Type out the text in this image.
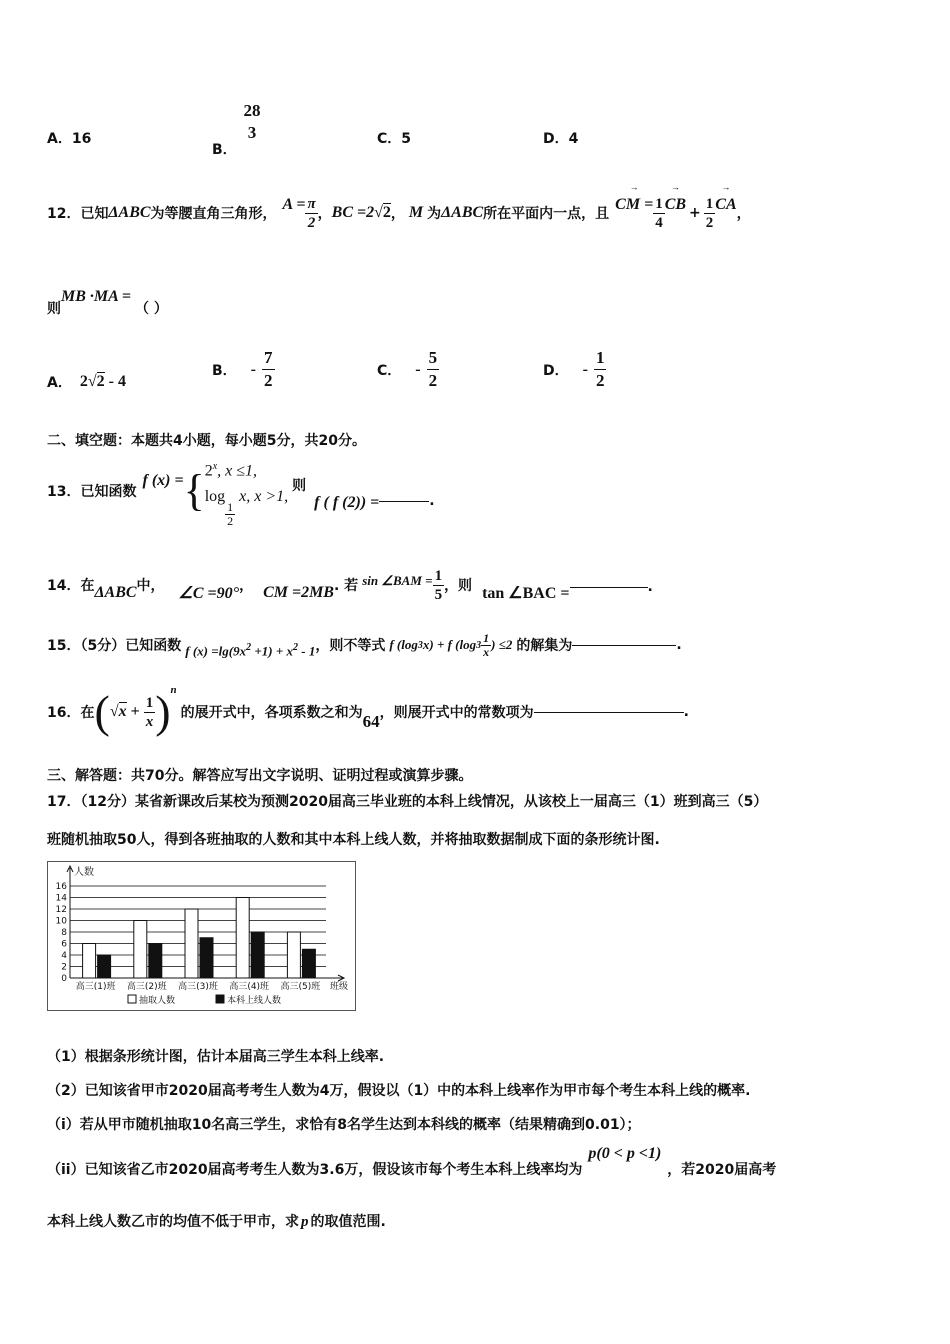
A．16
B．
28
3	C．5	D．4
12．已知 ΔABC 为等腰直角三角形，
$A = \frac{\pi}{2}$ ， BC =2√2 ， M 为 ΔABC 所在平面内一点，且
→ CM = $\frac{1}{4}$ → CB + $\frac{1}{2}$ → CA
，
则
MB ·MA =
（ ）
A． 2√2 - 4
B． - $\frac{7}{2}$	C． - $\frac{5}{2}$	D． - $\frac{1}{2}$
二、填空题：本题共4小题，每小题5分，共20分。
13．已知函数
f (x) = { 2$^x$, x ≤1,
log
$\frac{1}{2}$
x, x >1,
则
f ( f (2)) =	.
14．在 ΔABC 中， ∠C =90° ， CM =2MB . 若 sin ∠BAM = $\frac{1}{5}$ ，则 tan ∠BAC =	.
15．（5分）已知函数 f $(x) =\lg(9x^2 +1) + x^2 - 1$ ，则不等式 f (log 3 x) + f (log $3 \frac{1}{x}$ ) ≤2 的解集为	.
16．在 ( $√x + \frac{1}{x}$ ) n
的展开式中，各项系数之和为 64 ，则展开式中的常数项为	.
三、解答题：共70分。解答应写出文字说明、证明过程或演算步骤。
17．（12分）某省新课改后某校为预测2020届高三毕业班的本科上线情况，从该校上一届高三（1）班到高三（5）
班随机抽取50人，得到各班抽取的人数和其中本科上线人数，并将抽取数据制成下面的条形统计图.
0
2
4
6
8
10
12
14
16
人数
高三(1)班 高三(2)班 高三(3)班 高三(4)班 高三(5)班 班级
抽取人数	本科上线人数
（1）根据条形统计图，估计本届高三学生本科上线率.
（2）已知该省甲市2020届高考考生人数为4万，假设以（1）中的本科上线率作为甲市每个考生本科上线的概率.
（i）若从甲市随机抽取10名高三学生，求恰有8名学生达到本科线的概率（结果精确到0.01）；
（ii）已知该省乙市2020届高考考生人数为3.6万，假设该市每个考生本科上线率均为
p(0 < p <1)
，若2020届高考
本科上线人数乙市的均值不低于甲市，求 p 的取值范围.
